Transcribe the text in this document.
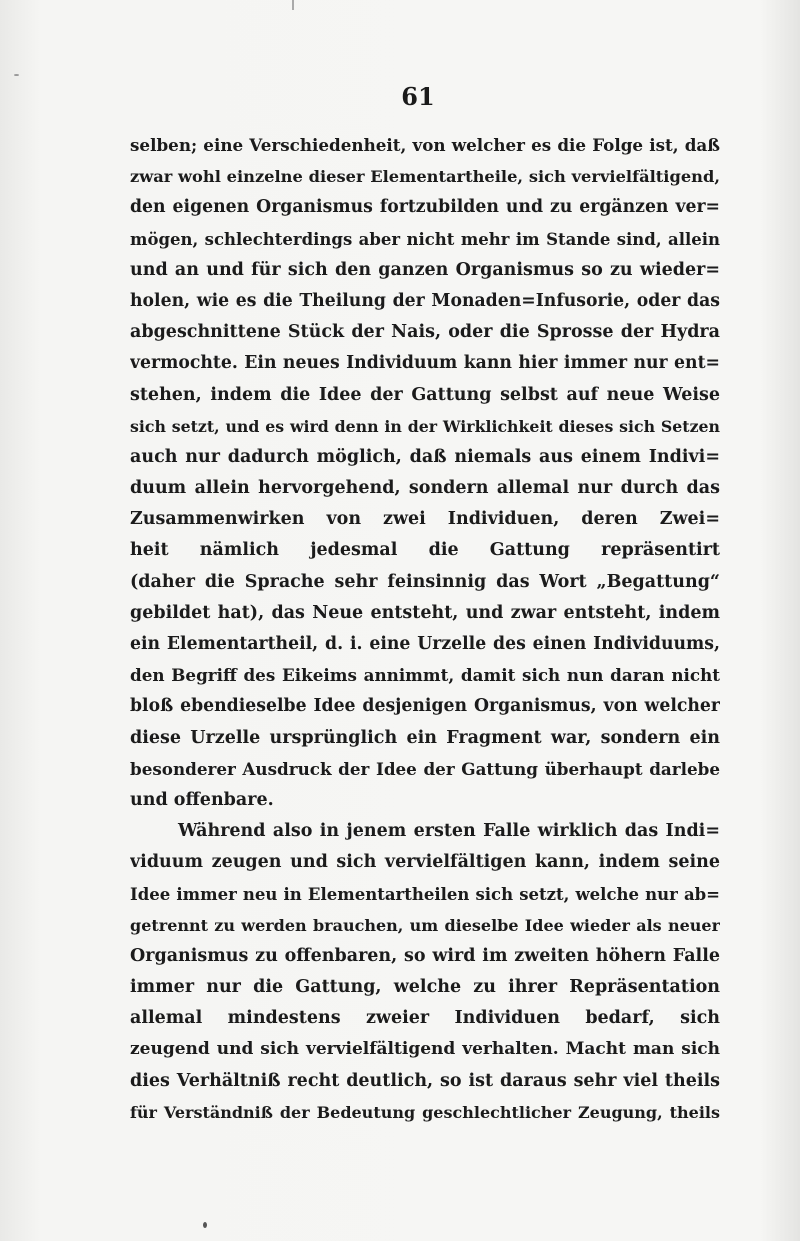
61
selben; eine Verschiedenheit, von welcher es die Folge ist, daß
zwar wohl einzelne dieser Elementartheile, sich vervielfältigend,
den eigenen Organismus fortzubilden und zu ergänzen ver=
mögen, schlechterdings aber nicht mehr im Stande sind, allein
und an und für sich den ganzen Organismus so zu wieder=
holen, wie es die Theilung der Monaden=Infusorie, oder das
abgeschnittene Stück der Nais, oder die Sprosse der Hydra
vermochte. Ein neues Individuum kann hier immer nur ent=
stehen, indem die Idee der Gattung selbst auf neue Weise
sich setzt, und es wird denn in der Wirklichkeit dieses sich Setzen
auch nur dadurch möglich, daß niemals aus einem Indivi=
duum allein hervorgehend, sondern allemal nur durch das
Zusammenwirken von zwei Individuen, deren Zwei=
heit nämlich jedesmal die Gattung repräsentirt
(daher die Sprache sehr feinsinnig das Wort „Begattung“
gebildet hat), das Neue entsteht, und zwar entsteht, indem
ein Elementartheil, d. i. eine Urzelle des einen Individuums,
den Begriff des Eikeims annimmt, damit sich nun daran nicht
bloß ebendieselbe Idee desjenigen Organismus, von welcher
diese Urzelle ursprünglich ein Fragment war, sondern ein
besonderer Ausdruck der Idee der Gattung überhaupt darlebe
und offenbare.
Während also in jenem ersten Falle wirklich das Indi=
viduum zeugen und sich vervielfältigen kann, indem seine
Idee immer neu in Elementartheilen sich setzt, welche nur ab=
getrennt zu werden brauchen, um dieselbe Idee wieder als neuer
Organismus zu offenbaren, so wird im zweiten höhern Falle
immer nur die Gattung, welche zu ihrer Repräsentation
allemal mindestens zweier Individuen bedarf, sich
zeugend und sich vervielfältigend verhalten. Macht man sich
dies Verhältniß recht deutlich, so ist daraus sehr viel theils
für Verständniß der Bedeutung geschlechtlicher Zeugung, theils
